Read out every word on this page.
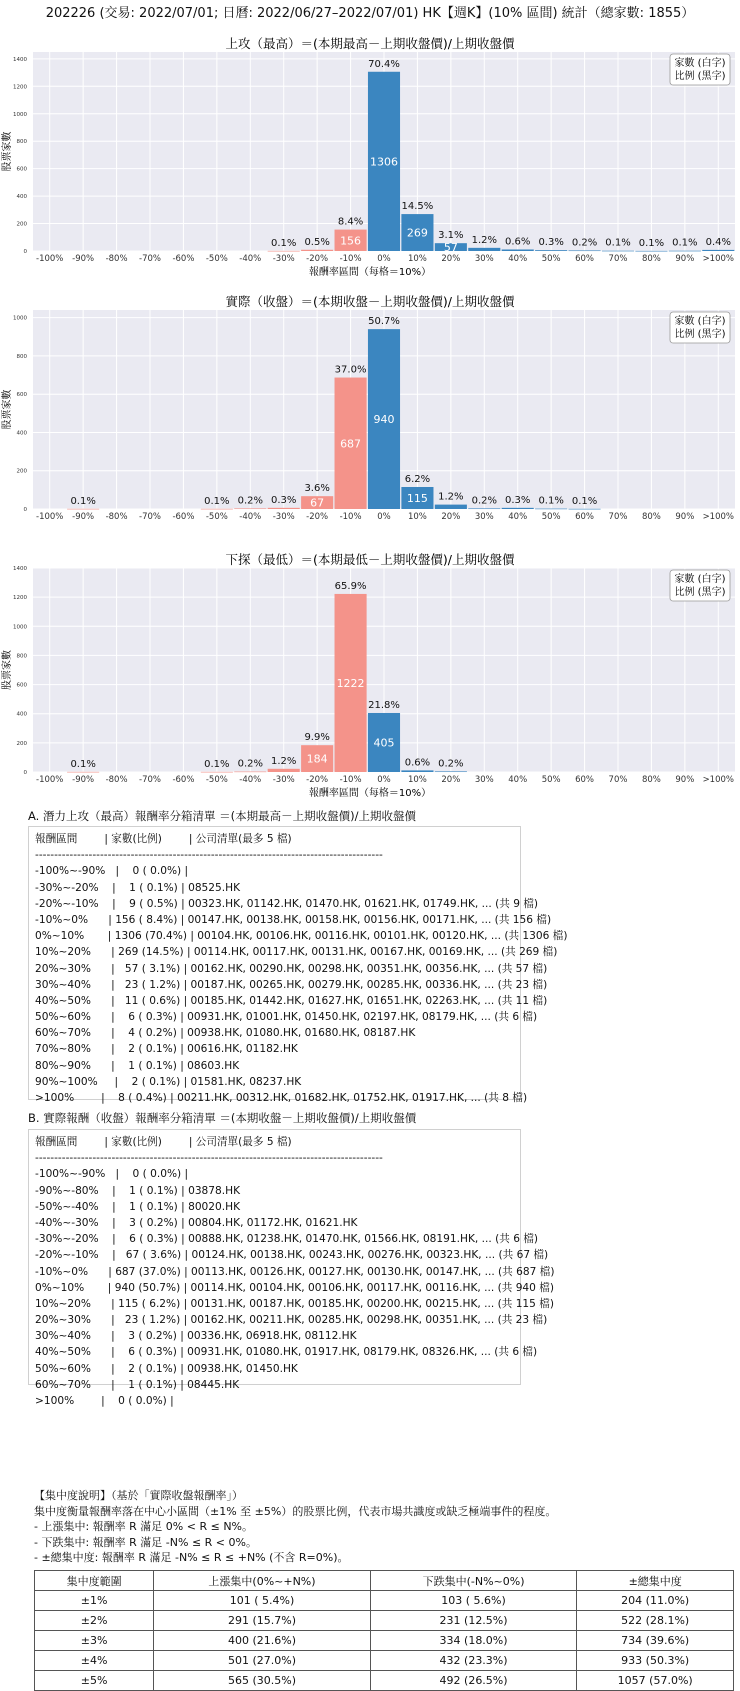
202226 (交易: 2022/07/01; 日曆: 2022/06/27–2022/07/01) HK【週K】(10% 區間) 統計（總家數: 1855）
上攻（最高）＝(本期最高－上期收盤價)/上期收盤價
0
200
400
600
800
1000
1200
1400
股票家數
0.1% 0.5%
8.4%
156
70.4%
1306
14.5%
269 3.1%
57
1.2% 0.6% 0.3% 0.2% 0.1% 0.1% 0.1% 0.4%
-100% -90% -80% -70% -60% -50% -40% -30% -20% -10% 0% 10% 20% 30% 40% 50% 60% 70% 80% 90% >100%
報酬率區間（每格＝10%）
家數 (白字)
比例 (黑字)
實際（收盤）＝(本期收盤－上期收盤價)/上期收盤價
0
200
400
600
800
1000
股票家數
0.1%	0.1% 0.2% 0.3%
3.6%
67
37.0%
687
50.7%
940
6.2%
115 1.2% 0.2% 0.3% 0.1% 0.1%
-100% -90% -80% -70% -60% -50% -40% -30% -20% -10% 0% 10% 20% 30% 40% 50% 60% 70% 80% 90% >100%
家數 (白字)
比例 (黑字)
下探（最低）＝(本期最低－上期收盤價)/上期收盤價
0
200
400
600
800
1000
1200
1400
股票家數
0.1%	0.1% 0.2% 1.2%
9.9%
184
65.9%
1222
21.8%
405
0.6% 0.2%
-100% -90% -80% -70% -60% -50% -40% -30% -20% -10% 0% 10% 20% 30% 40% 50% 60% 70% 80% 90% >100%
報酬率區間（每格＝10%）
家數 (白字)
比例 (黑字)
A. 潛力上攻（最高）報酬率分箱清單 ＝(本期最高－上期收盤價)/上期收盤價
報酬區間        | 家數(比例)        | 公司清單(最多 5 檔)
-------------------------------------------------------------------------------------------
-100%~-90%   |    0 ( 0.0%) |
-30%~-20%    |    1 ( 0.1%) | 08525.HK
-20%~-10%    |    9 ( 0.5%) | 00323.HK, 01142.HK, 01470.HK, 01621.HK, 01749.HK, ... (共 9 檔)
-10%~0%      | 156 ( 8.4%) | 00147.HK, 00138.HK, 00158.HK, 00156.HK, 00171.HK, ... (共 156 檔)
0%~10%       | 1306 (70.4%) | 00104.HK, 00106.HK, 00116.HK, 00101.HK, 00120.HK, ... (共 1306 檔)
10%~20%      | 269 (14.5%) | 00114.HK, 00117.HK, 00131.HK, 00167.HK, 00169.HK, ... (共 269 檔)
20%~30%      |   57 ( 3.1%) | 00162.HK, 00290.HK, 00298.HK, 00351.HK, 00356.HK, ... (共 57 檔)
30%~40%      |   23 ( 1.2%) | 00187.HK, 00265.HK, 00279.HK, 00285.HK, 00336.HK, ... (共 23 檔)
40%~50%      |   11 ( 0.6%) | 00185.HK, 01442.HK, 01627.HK, 01651.HK, 02263.HK, ... (共 11 檔)
50%~60%      |    6 ( 0.3%) | 00931.HK, 01001.HK, 01450.HK, 02197.HK, 08179.HK, ... (共 6 檔)
60%~70%      |    4 ( 0.2%) | 00938.HK, 01080.HK, 01680.HK, 08187.HK
70%~80%      |    2 ( 0.1%) | 00616.HK, 01182.HK
80%~90%      |    1 ( 0.1%) | 08603.HK
90%~100%     |    2 ( 0.1%) | 01581.HK, 08237.HK
>100%        |    8 ( 0.4%) | 00211.HK, 00312.HK, 01682.HK, 01752.HK, 01917.HK, ... (共 8 檔)
B. 實際報酬（收盤）報酬率分箱清單 ＝(本期收盤－上期收盤價)/上期收盤價
報酬區間        | 家數(比例)        | 公司清單(最多 5 檔)
-------------------------------------------------------------------------------------------
-100%~-90%   |    0 ( 0.0%) |
-90%~-80%    |    1 ( 0.1%) | 03878.HK
-50%~-40%    |    1 ( 0.1%) | 80020.HK
-40%~-30%    |    3 ( 0.2%) | 00804.HK, 01172.HK, 01621.HK
-30%~-20%    |    6 ( 0.3%) | 00888.HK, 01238.HK, 01470.HK, 01566.HK, 08191.HK, ... (共 6 檔)
-20%~-10%    |   67 ( 3.6%) | 00124.HK, 00138.HK, 00243.HK, 00276.HK, 00323.HK, ... (共 67 檔)
-10%~0%      | 687 (37.0%) | 00113.HK, 00126.HK, 00127.HK, 00130.HK, 00147.HK, ... (共 687 檔)
0%~10%       | 940 (50.7%) | 00114.HK, 00104.HK, 00106.HK, 00117.HK, 00116.HK, ... (共 940 檔)
10%~20%      | 115 ( 6.2%) | 00131.HK, 00187.HK, 00185.HK, 00200.HK, 00215.HK, ... (共 115 檔)
20%~30%      |   23 ( 1.2%) | 00162.HK, 00211.HK, 00285.HK, 00298.HK, 00351.HK, ... (共 23 檔)
30%~40%      |    3 ( 0.2%) | 00336.HK, 06918.HK, 08112.HK
40%~50%      |    6 ( 0.3%) | 00931.HK, 01080.HK, 01917.HK, 08179.HK, 08326.HK, ... (共 6 檔)
50%~60%      |    2 ( 0.1%) | 00938.HK, 01450.HK
60%~70%      |    1 ( 0.1%) | 08445.HK
>100%        |    0 ( 0.0%) |
【集中度說明】（基於「實際收盤報酬率」）
集中度衡量報酬率落在中心小區間（±1% 至 ±5%）的股票比例，代表市場共識度或缺乏極端事件的程度。
- 上漲集中: 報酬率 R 滿足 0% < R ≤ N%。
- 下跌集中: 報酬率 R 滿足 -N% ≤ R < 0%。
- ±總集中度: 報酬率 R 滿足 -N% ≤ R ≤ +N% (不含 R=0%)。
集中度範圍	上漲集中(0%~+N%)	下跌集中(-N%~0%)	±總集中度
±1%	101 ( 5.4%)	103 ( 5.6%)	204 (11.0%)
±2%	291 (15.7%)	231 (12.5%)	522 (28.1%)
±3%	400 (21.6%)	334 (18.0%)	734 (39.6%)
±4%	501 (27.0%)	432 (23.3%)	933 (50.3%)
±5%	565 (30.5%)	492 (26.5%)	1057 (57.0%)
